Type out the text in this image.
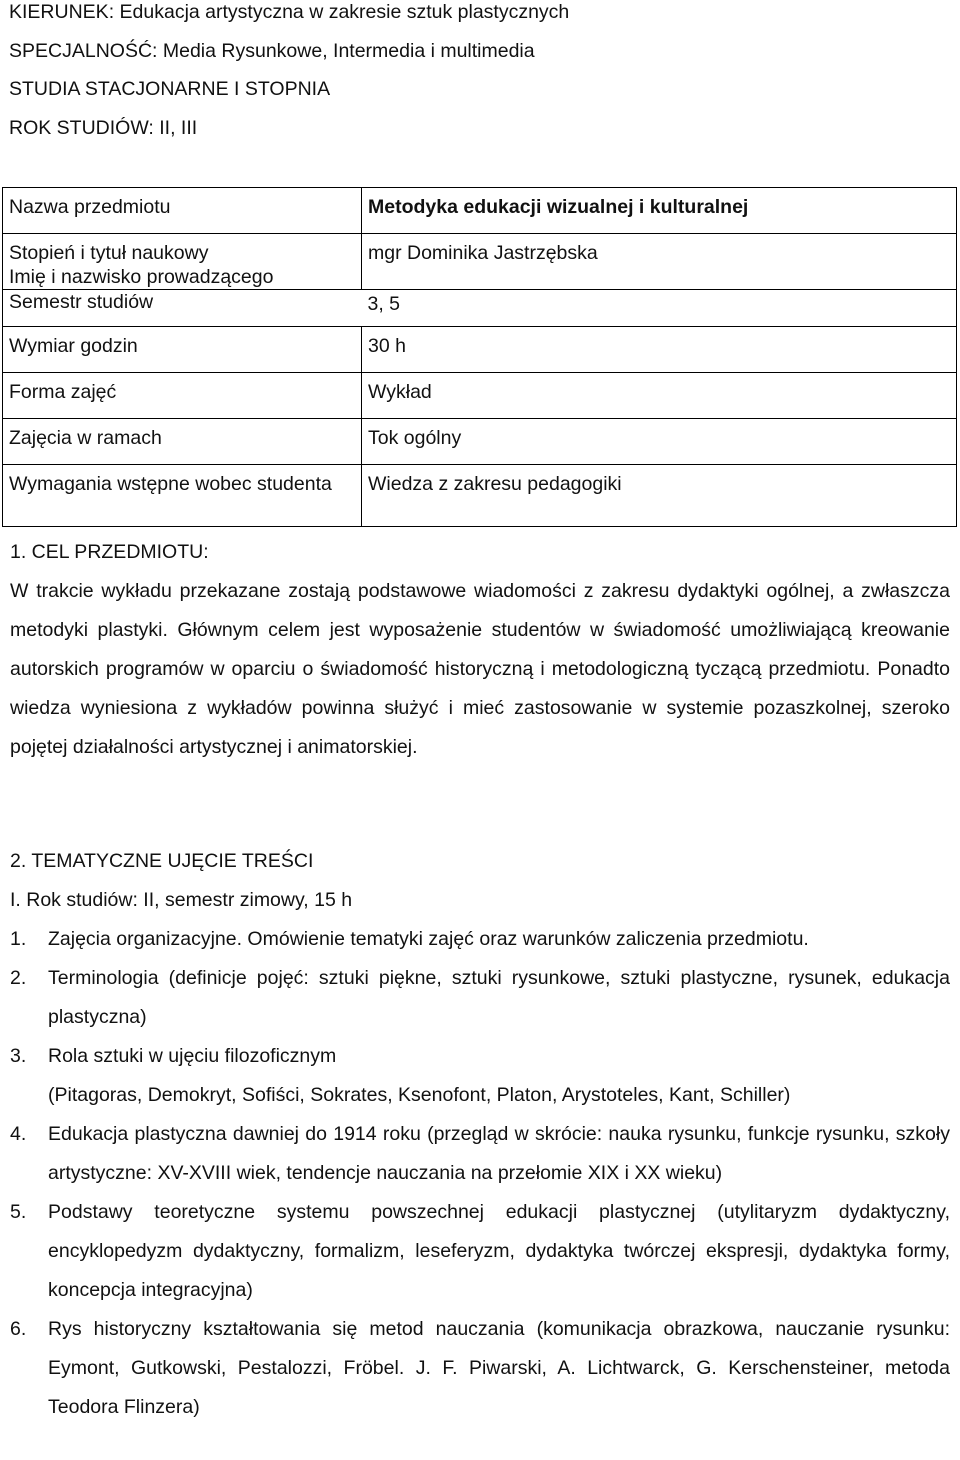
KIERUNEK: Edukacja artystyczna w zakresie sztuk plastycznych
SPECJALNOŚĆ: Media Rysunkowe, Intermedia i multimedia
STUDIA STACJONARNE I STOPNIA
ROK STUDIÓW: II, III
Nazwa przedmiotu	Metodyka edukacji wizualnej i kulturalnej

Stopień i tytuł naukowy
Imię i nazwisko prowadzącego	mgr Dominika Jastrzębska
Semestr studiów	3, 5
Wymiar godzin	30 h
Forma zajęć	Wykład
Zajęcia w ramach	Tok ogólny
Wymagania wstępne wobec studenta	Wiedza z zakresu pedagogiki
1. CEL PRZEDMIOTU:
W trakcie wykładu przekazane zostają podstawowe wiadomości z zakresu dydaktyki ogólnej, a zwłaszcza metodyki plastyki. Głównym celem jest wyposażenie studentów w świadomość umożliwiającą kreowanie autorskich programów w oparciu o świadomość historyczną i metodologiczną tyczącą przedmiotu. Ponadto wiedza wyniesiona z wykładów powinna służyć i mieć zastosowanie w systemie pozaszkolnej, szeroko pojętej działalności artystycznej i animatorskiej.
2. TEMATYCZNE UJĘCIE TREŚCI
I. Rok studiów: II, semestr zimowy, 15 h
1. Zajęcia organizacyjne. Omówienie tematyki zajęć oraz warunków zaliczenia przedmiotu.
2. Terminologia (definicje pojęć: sztuki piękne, sztuki rysunkowe, sztuki plastyczne, rysunek, edukacja plastyczna)
3. Rola sztuki w ujęciu filozoficznym
(Pitagoras, Demokryt, Sofiści, Sokrates, Ksenofont, Platon, Arystoteles, Kant, Schiller)
4. Edukacja plastyczna dawniej do 1914 roku (przegląd w skrócie: nauka rysunku, funkcje rysunku, szkoły artystyczne: XV-XVIII wiek, tendencje nauczania na przełomie XIX i XX wieku)
5. Podstawy teoretyczne systemu powszechnej edukacji plastycznej (utylitaryzm dydaktyczny, encyklopedyzm dydaktyczny, formalizm, leseferyzm, dydaktyka twórczej ekspresji, dydaktyka formy, koncepcja integracyjna)
6. Rys historyczny kształtowania się metod nauczania (komunikacja obrazkowa, nauczanie rysunku: Eymont, Gutkowski, Pestalozzi, Fröbel. J. F. Piwarski, A. Lichtwarck, G. Kerschensteiner, metoda Teodora Flinzera)
